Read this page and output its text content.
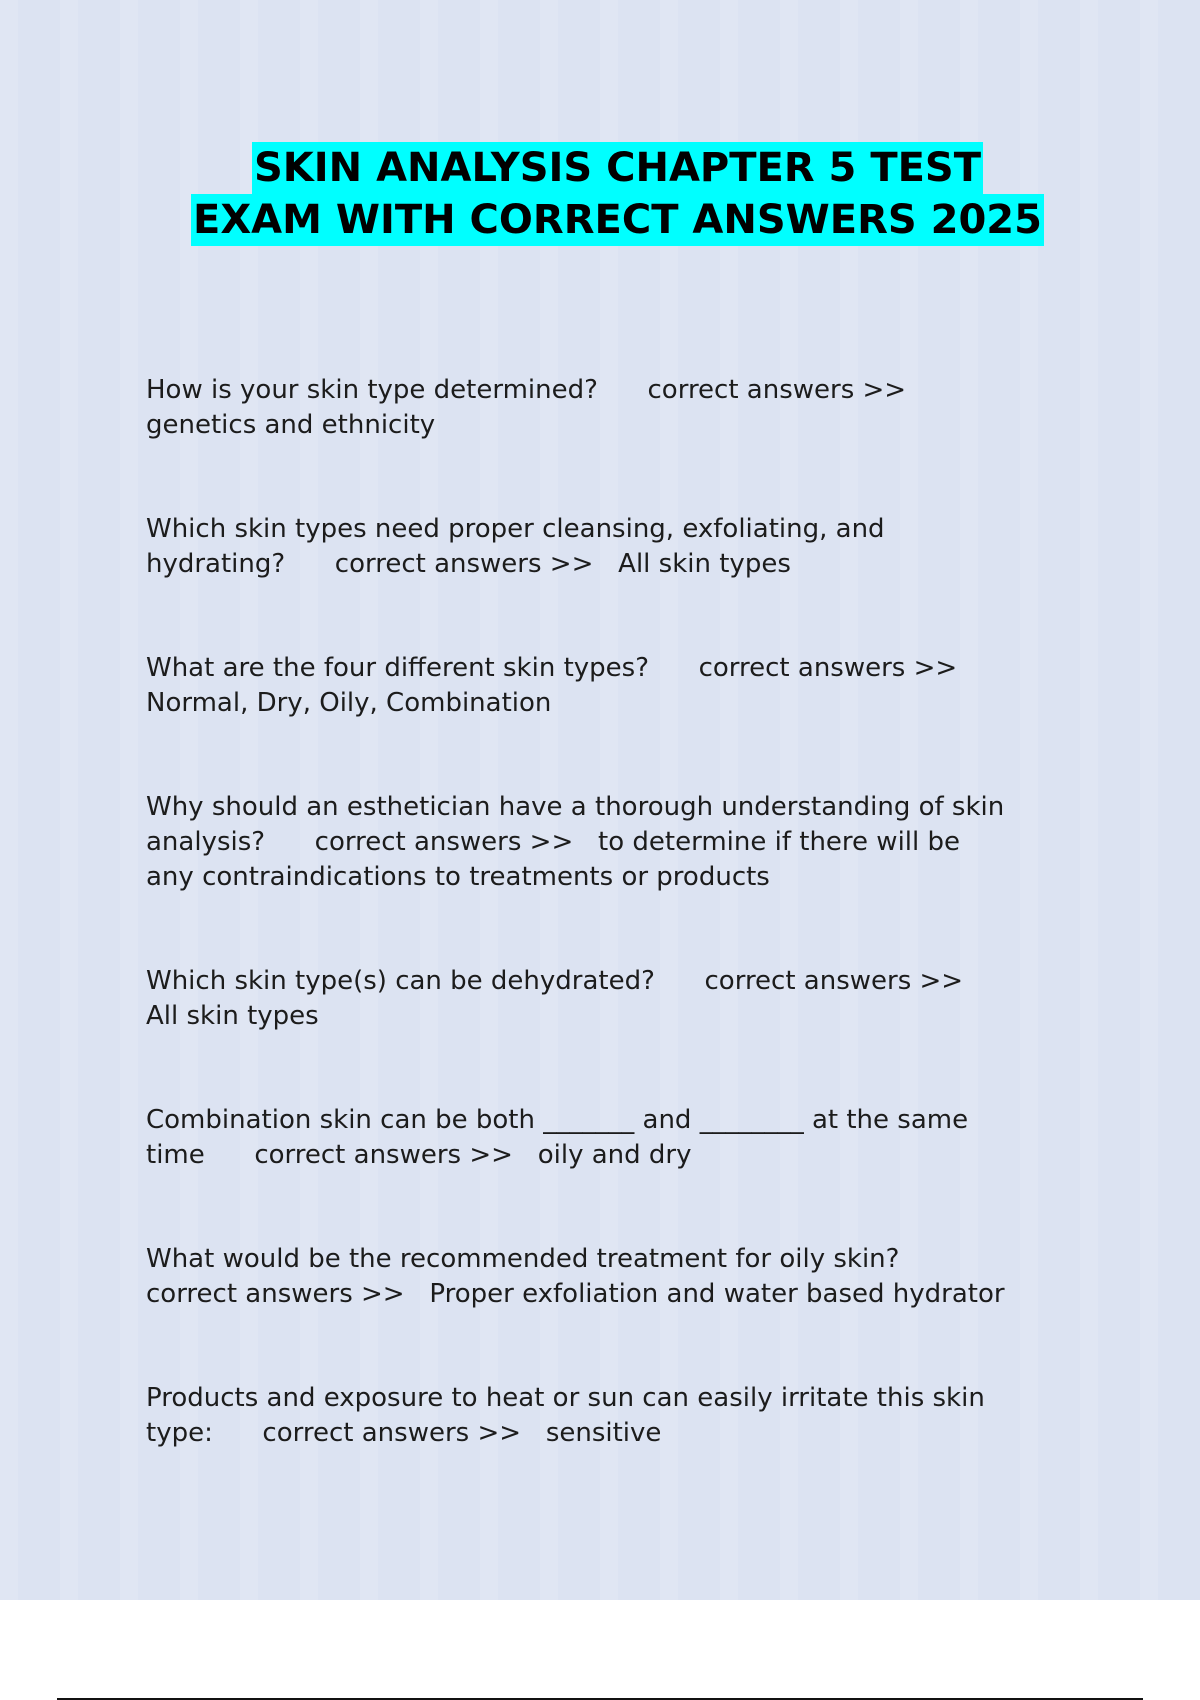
SKIN ANALYSIS CHAPTER 5 TEST
EXAM WITH CORRECT ANSWERS 2025
How is your skin type determined?      correct answers >>
genetics and ethnicity
Which skin types need proper cleansing, exfoliating, and
hydrating?      correct answers >>   All skin types
What are the four different skin types?      correct answers >>
Normal, Dry, Oily, Combination
Why should an esthetician have a thorough understanding of skin
analysis?      correct answers >>   to determine if there will be
any contraindications to treatments or products
Which skin type(s) can be dehydrated?      correct answers >>
All skin types
Combination skin can be both _______ and ________ at the same
time      correct answers >>   oily and dry
What would be the recommended treatment for oily skin?
correct answers >>   Proper exfoliation and water based hydrator
Products and exposure to heat or sun can easily irritate this skin
type:      correct answers >>   sensitive
